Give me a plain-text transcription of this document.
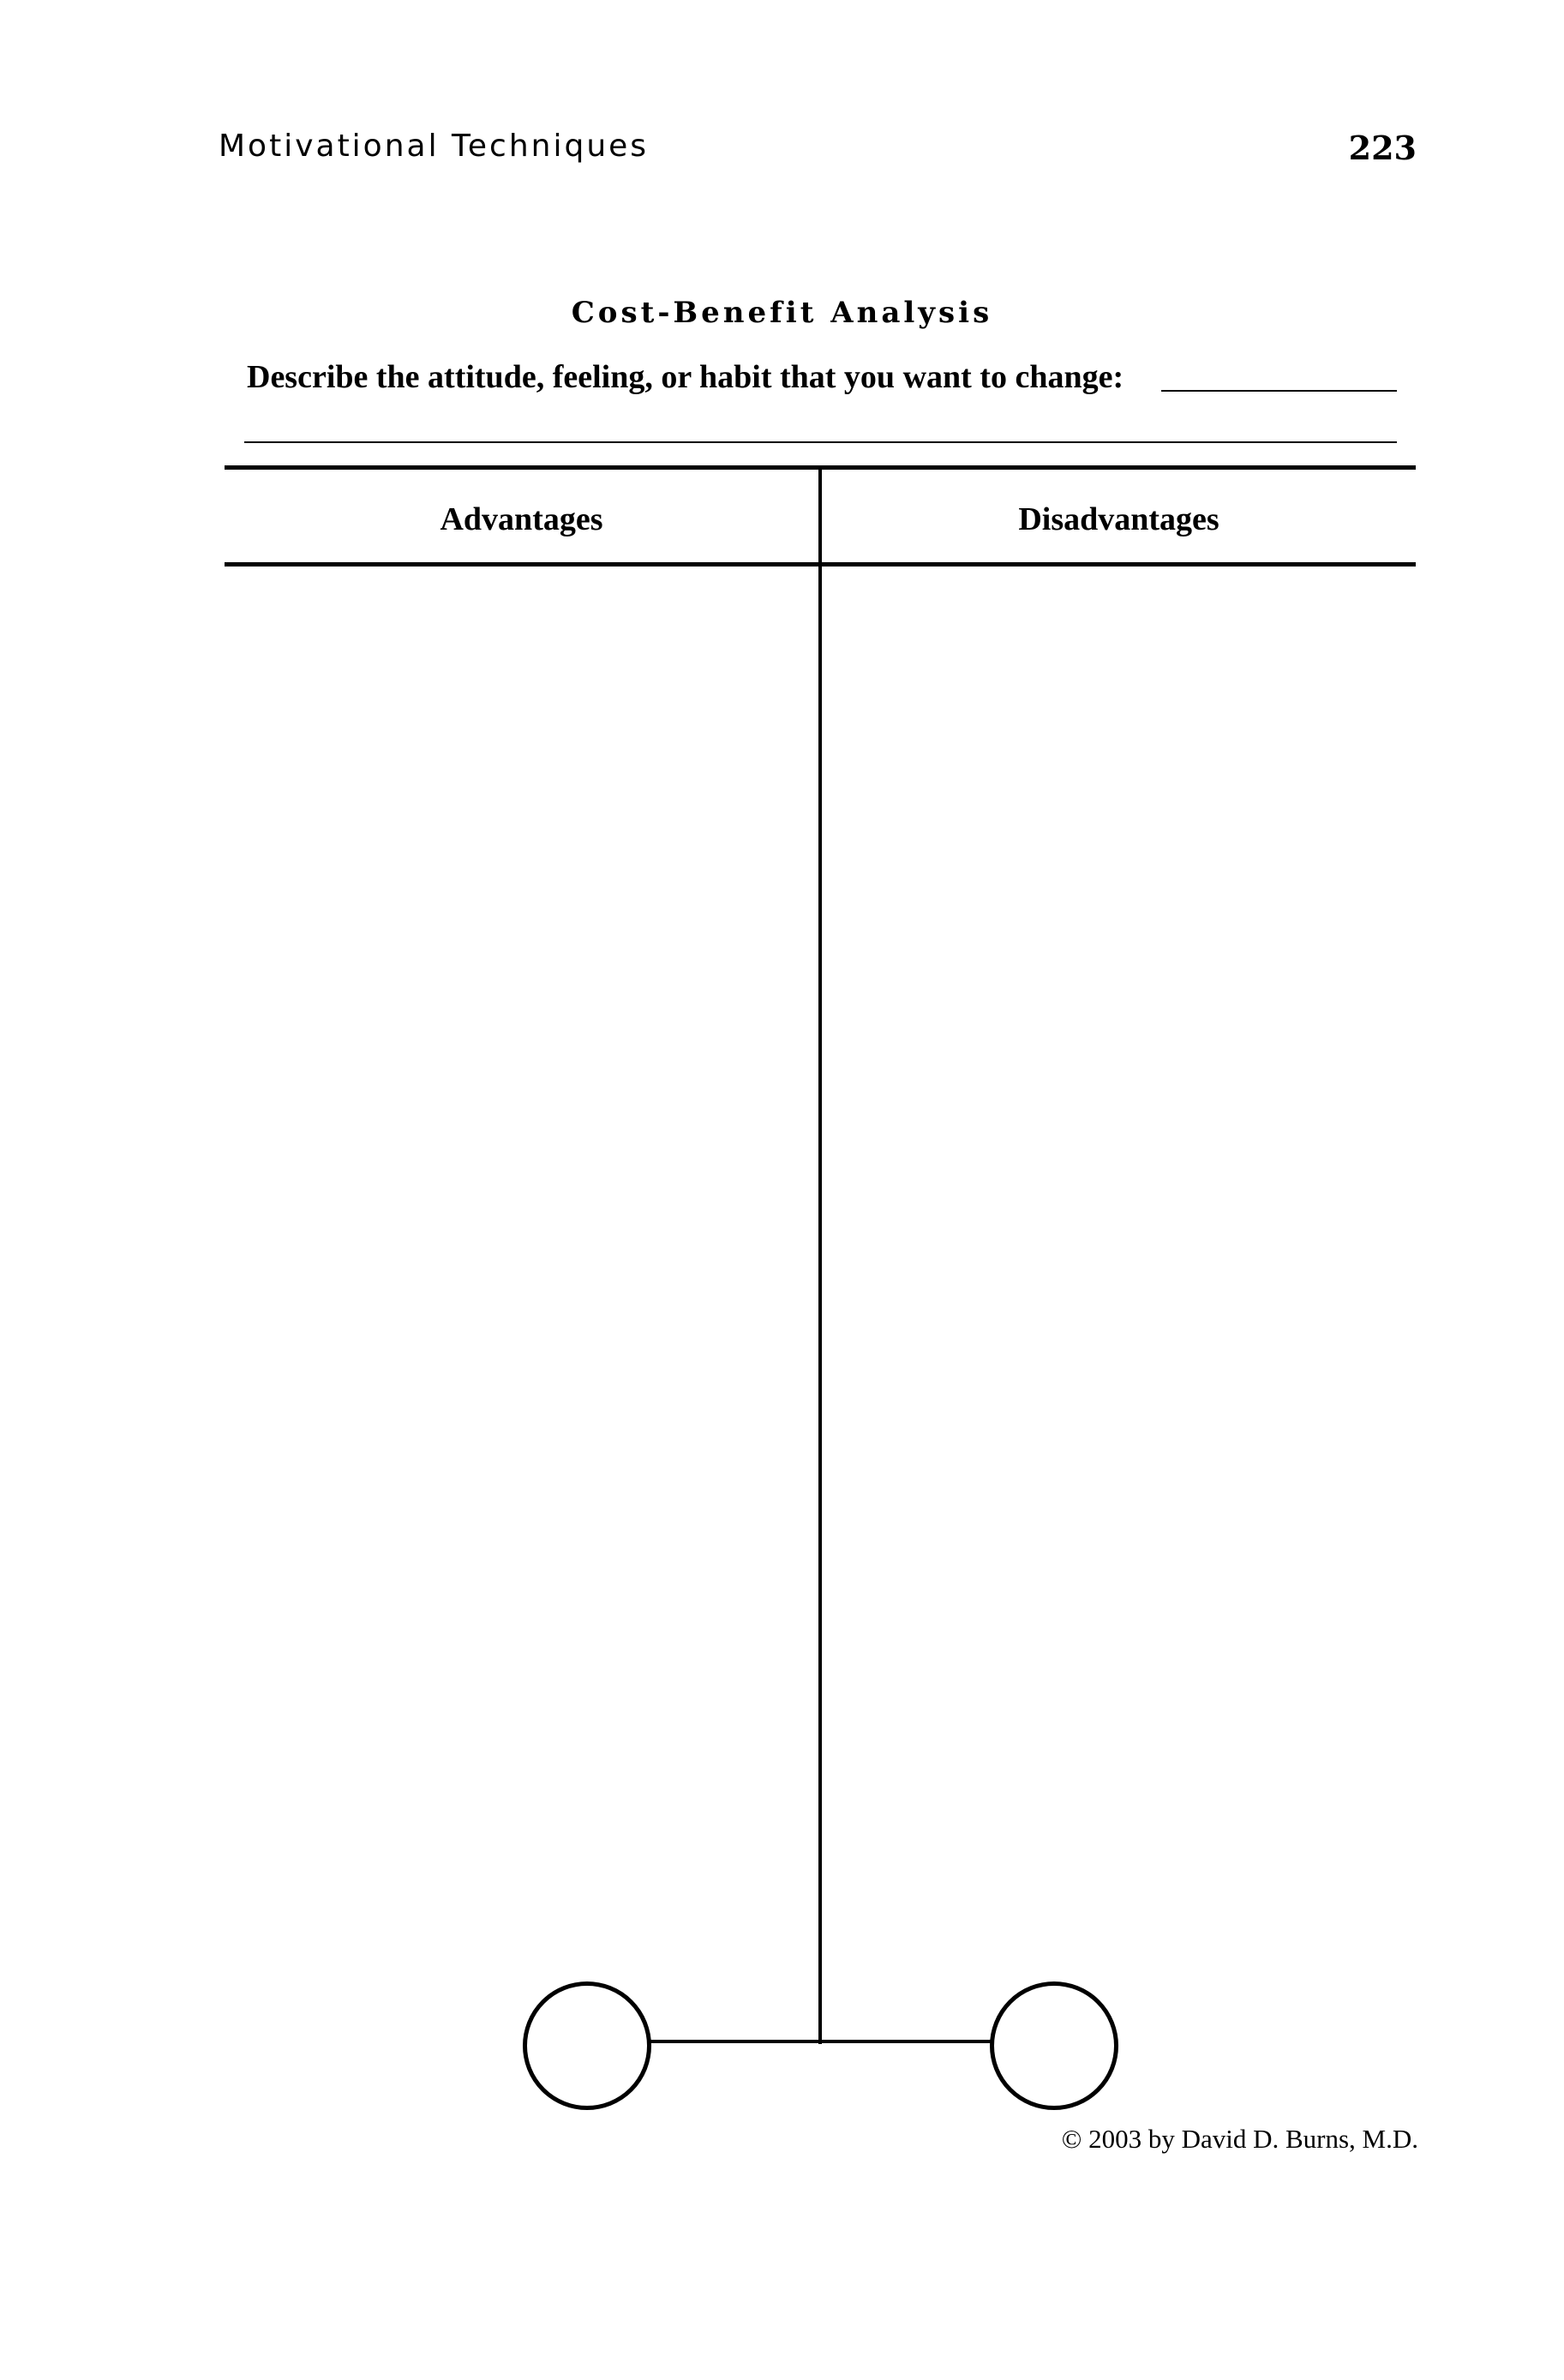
Motivational Techniques	223
Cost-Benefit Analysis
Describe the attitude, feeling, or habit that you want to change:
Advantages	Disadvantages
© 2003 by David D. Burns, M.D.
